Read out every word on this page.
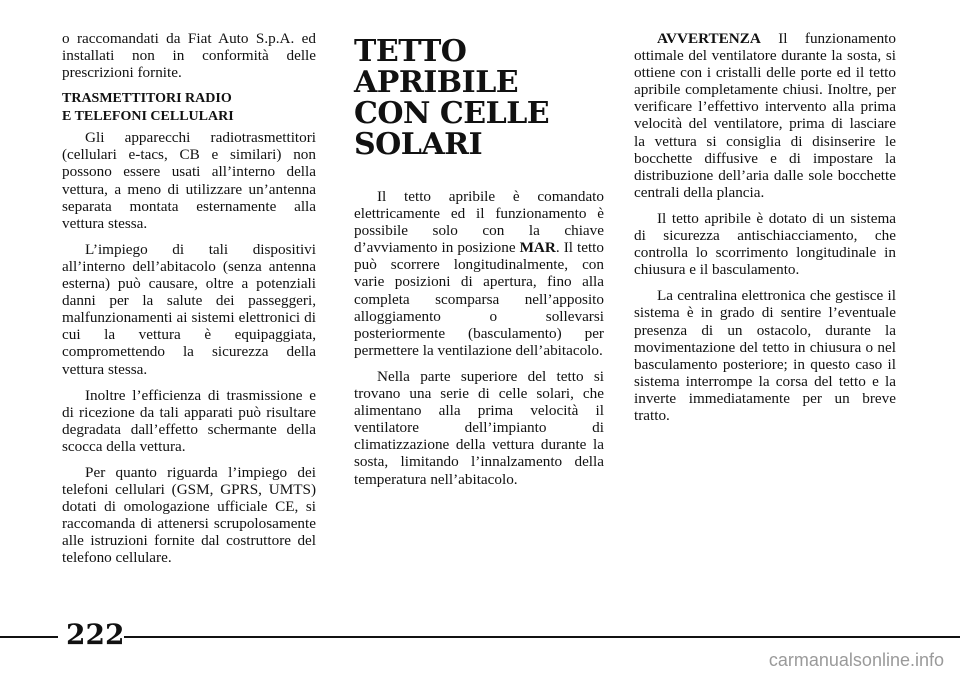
o raccomandati da Fiat Auto S.p.A. ed installati non in conformità delle prescrizioni fornite.

TRASMETTITORI RADIO
E TELEFONI CELLULARI

Gli apparecchi radiotrasmettitori (cellulari e-tacs, CB e similari) non possono essere usati all’interno della vettura, a meno di utilizzare un’antenna separata montata esternamente alla vettura stessa.

L’impiego di tali dispositivi all’interno dell’abitacolo (senza antenna esterna) può causare, oltre a potenziali danni per la salute dei passeggeri, malfunzionamenti ai sistemi elettronici di cui la vettura è equipaggiata, compromettendo la sicurezza della vettura stessa.

Inoltre l’efficienza di trasmissione e di ricezione da tali apparati può risultare degradata dall’effetto schermante della scocca della vettura.

Per quanto riguarda l’impiego dei telefoni cellulari (GSM, GPRS, UMTS) dotati di omologazione ufficiale CE, si raccomanda di attenersi scrupolosamente alle istruzioni fornite dal costruttore del telefono cellulare.

TETTO APRIBILE
CON CELLE
SOLARI

Il tetto apribile è comandato elettricamente ed il funzionamento è possibile solo con la chiave d’avviamento in posizione MAR. Il tetto può scorrere longitudinalmente, con varie posizioni di apertura, fino alla completa scomparsa nell’apposito alloggiamento o sollevarsi posteriormente (basculamento) per permettere la ventilazione dell’abitacolo.

Nella parte superiore del tetto si trovano una serie di celle solari, che alimentano alla prima velocità il ventilatore dell’impianto di climatizzazione della vettura durante la sosta, limitando l’innalzamento della temperatura nell’abitacolo.

AVVERTENZA Il funzionamento ottimale del ventilatore durante la sosta, si ottiene con i cristalli delle porte ed il tetto apribile completamente chiusi. Inoltre, per verificare l’effettivo intervento alla prima velocità del ventilatore, prima di lasciare la vettura si consiglia di disinserire le bocchette diffusive e di impostare la distribuzione dell’aria dalle sole bocchette centrali della plancia.

Il tetto apribile è dotato di un sistema di sicurezza antischiacciamento, che controlla lo scorrimento longitudinale in chiusura e il basculamento.

La centralina elettronica che gestisce il sistema è in grado di sentire l’eventuale presenza di un ostacolo, durante la movimentazione del tetto in chiusura o nel basculamento posteriore; in questo caso il sistema interrompe la corsa del tetto e la inverte immediatamente per un breve tratto.

222
carmanualsonline.info
